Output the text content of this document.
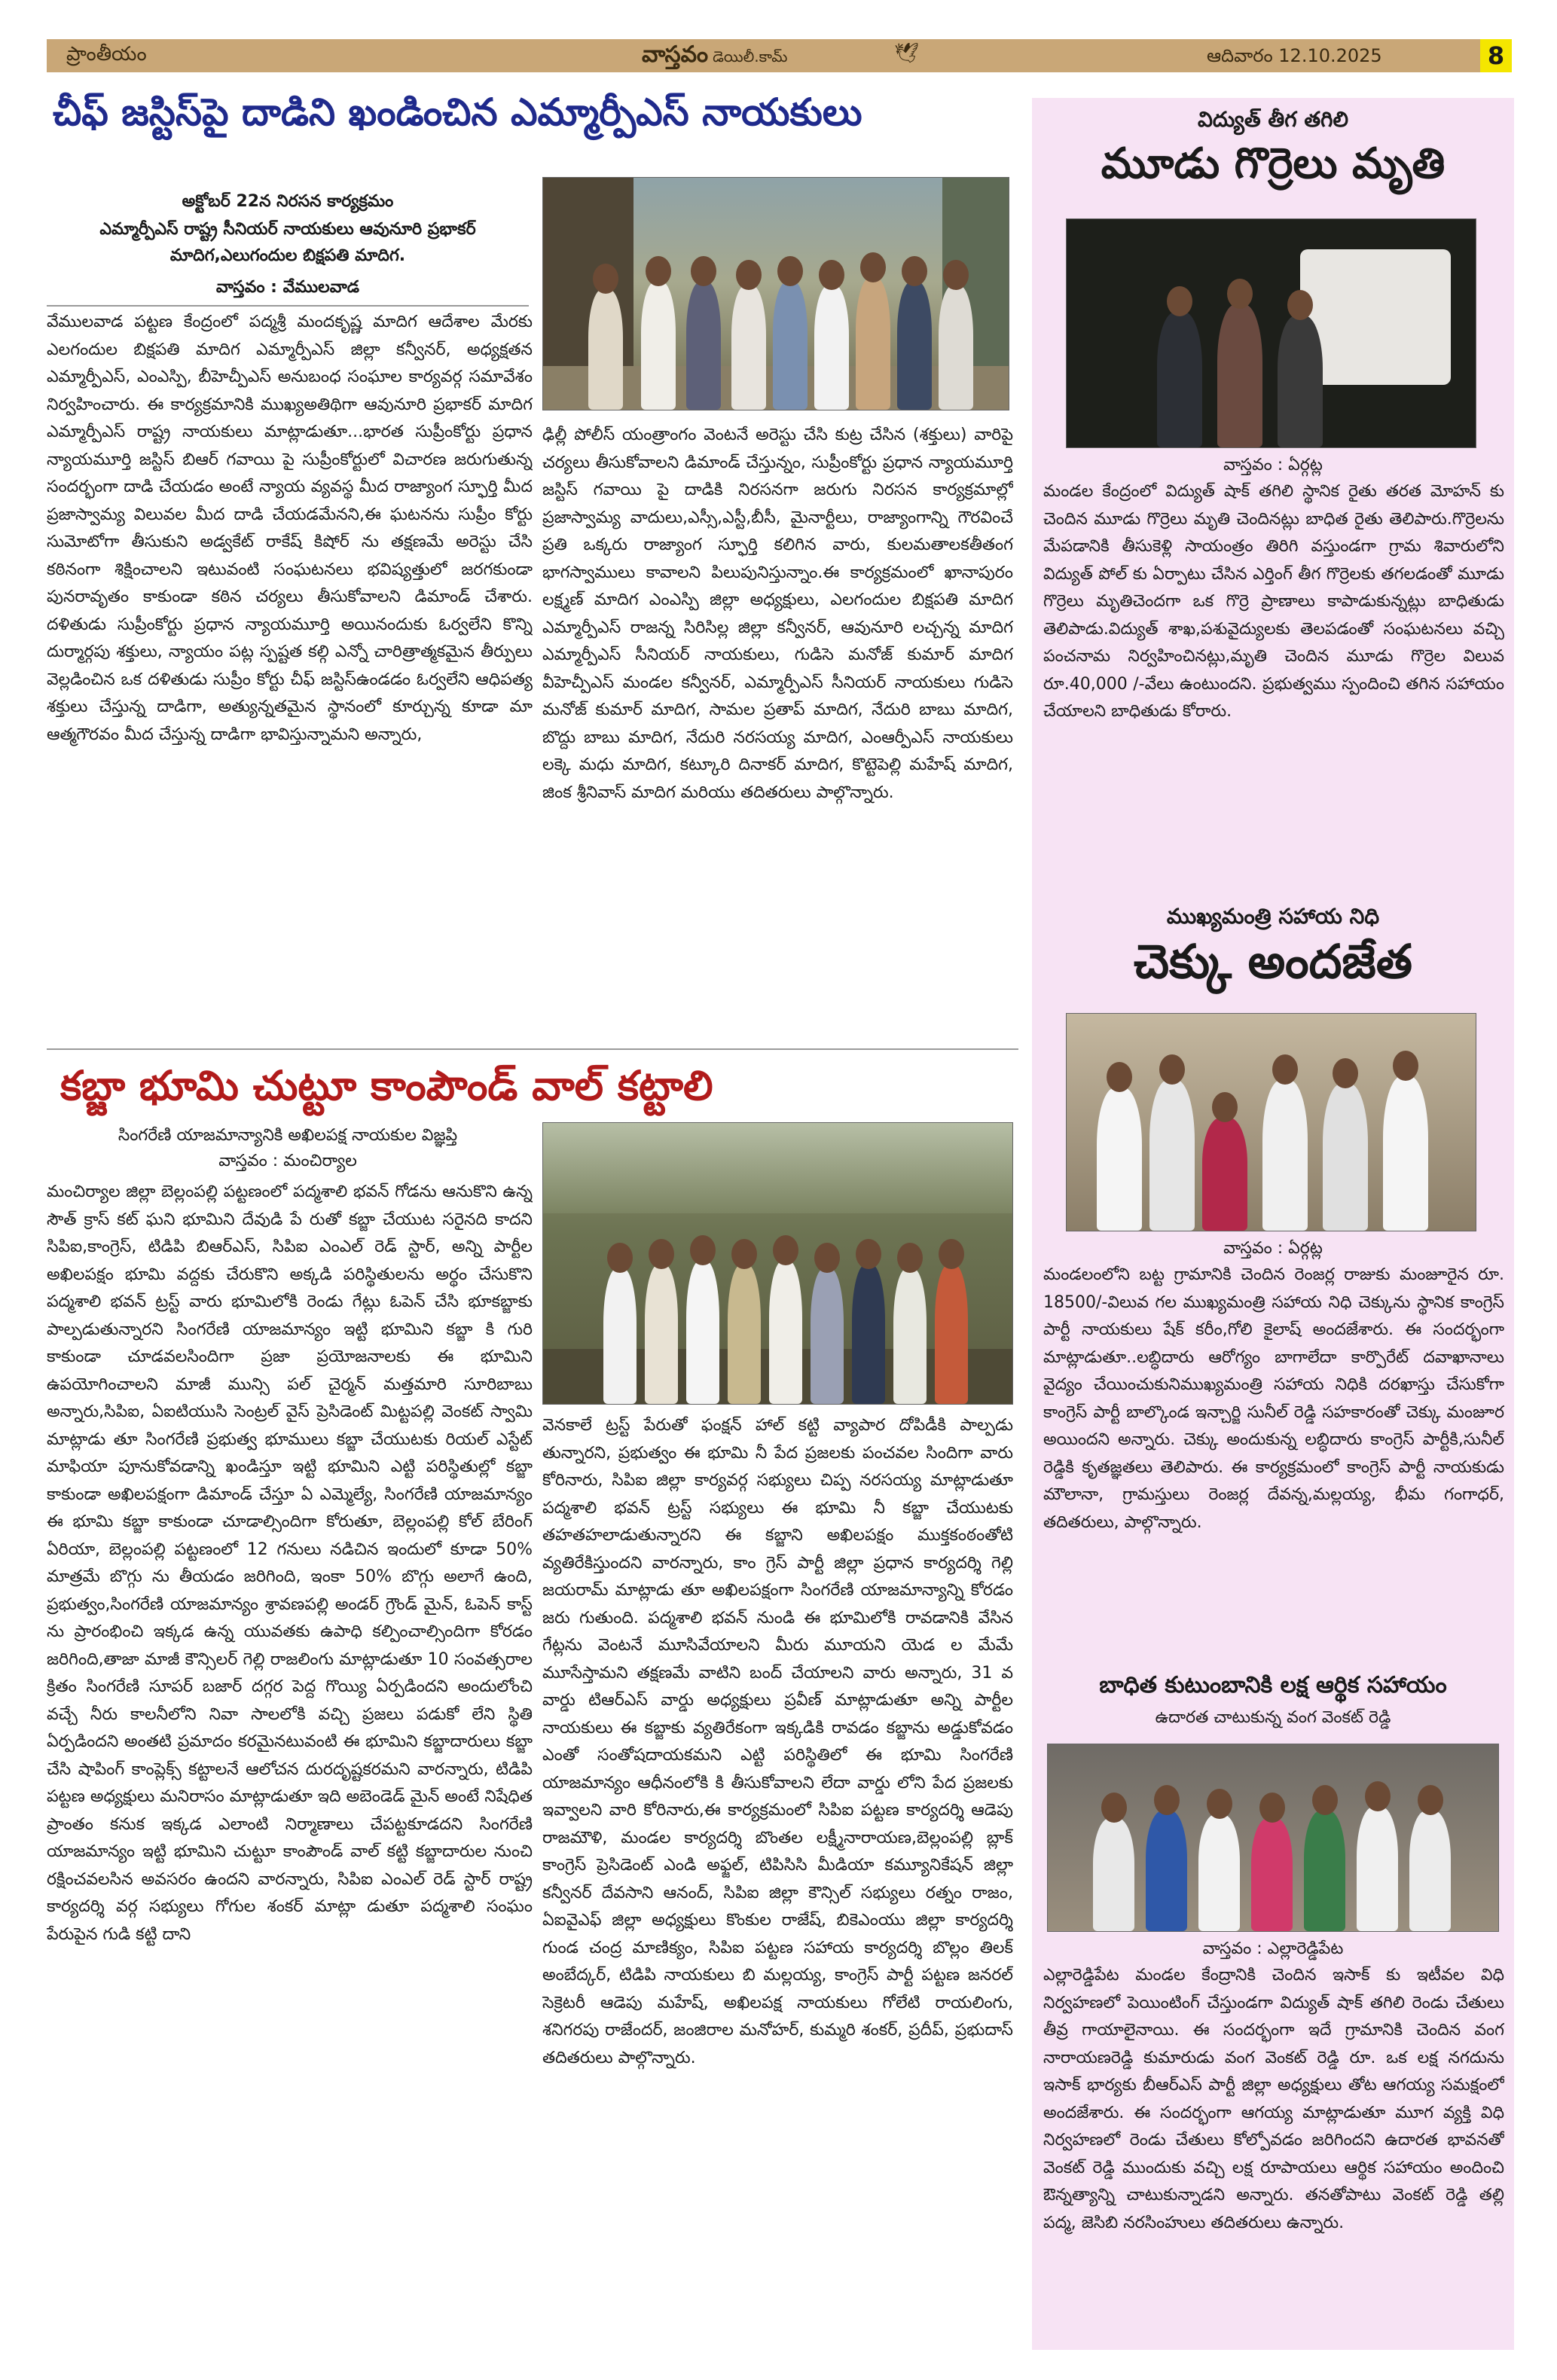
ప్రాంతీయం	వాస్తవం డెయిలీ.కామ్	🕊	ఆదివారం 12.10.2025	8
చీఫ్ జస్టిస్‌పై దాడిని ఖండించిన ఎమ్మార్పీఎస్ నాయకులు

అక్టోబర్ 22న నిరసన కార్యక్రమం

ఎమ్మార్పీఎస్ రాష్ట్ర సీనియర్ నాయకులు ఆవునూరి ప్రభాకర్

మాదిగ,ఎలుగందుల బిక్షపతి మాదిగ.

వాస్తవం : వేములవాడ

వేములవాడ పట్టణ కేంద్రంలో పద్మశ్రీ మందకృష్ణ మాదిగ ఆదేశాల మేరకు ఎలగందుల బిక్షపతి మాదిగ ఎమ్మార్పీఎస్ జిల్లా కన్వీనర్, అధ్యక్షతన ఎమ్మార్పీఎస్, ఎంఎస్పి, బీహెచ్పీఎస్ అనుబంధ సంఘాల కార్యవర్గ సమావేశం నిర్వహించారు. ఈ కార్యక్రమానికి ముఖ్యఅతిథిగా ఆవునూరి ప్రభాకర్ మాదిగ ఎమ్మార్పీఎస్ రాష్ట్ర నాయకులు మాట్లాడుతూ...భారత సుప్రీంకోర్టు ప్రధాన న్యాయమూర్తి జస్టిస్ బిఆర్ గవాయి పై సుప్రీంకోర్టులో విచారణ జరుగుతున్న సందర్భంగా దాడి చేయడం అంటే న్యాయ వ్యవస్థ మీద రాజ్యాంగ స్ఫూర్తి మీద ప్రజాస్వామ్య విలువల మీద దాడి చేయడమేనని,ఈ ఘటనను సుప్రీం కోర్టు సుమోటోగా తీసుకుని అడ్వకేట్ రాకేష్ కిషోర్ ను తక్షణమే అరెస్టు చేసి కఠినంగా శిక్షించాలని ఇటువంటి సంఘటనలు భవిష్యత్తులో జరగకుండా పునరావృతం కాకుండా కఠిన చర్యలు తీసుకోవాలని డిమాండ్ చేశారు. దళితుడు సుప్రీంకోర్టు ప్రధాన న్యాయమూర్తి అయినందుకు ఓర్వలేని కొన్ని దుర్మార్గపు శక్తులు, న్యాయం పట్ల స్పష్టత కల్గి ఎన్నో చారిత్రాత్మకమైన తీర్పులు వెల్లడించిన ఒక దళితుడు సుప్రీం కోర్టు చీఫ్ జస్టిస్‌ఉండడం ఓర్వలేని ఆధిపత్య శక్తులు చేస్తున్న దాడిగా, అత్యున్నతమైన స్థానంలో కూర్చున్న కూడా మా ఆత్మగౌరవం మీద చేస్తున్న దాడిగా భావిస్తున్నామని అన్నారు,

ఢిల్లీ పోలీస్ యంత్రాంగం వెంటనే అరెస్టు చేసి కుట్ర చేసిన (శక్తులు) వారిపై చర్యలు తీసుకోవాలని డిమాండ్ చేస్తున్నం, సుప్రీంకోర్టు ప్రధాన న్యాయమూర్తి జస్టిస్ గవాయి పై దాడికి నిరసనగా జరుగు నిరసన కార్యక్రమాల్లో ప్రజాస్వామ్య వాదులు,ఎస్సీ,ఎస్టీ,బీసీ, మైనార్టీలు, రాజ్యాంగాన్ని గౌరవించే ప్రతి ఒక్కరు రాజ్యాంగ స్ఫూర్తి కలిగిన వారు, కులమతాలకతీతంగ భాగస్వాములు కావాలని పిలుపునిస్తున్నాం.ఈ కార్యక్రమంలో ఖానాపురం లక్ష్మణ్ మాదిగ ఎంఎస్పి జిల్లా అధ్యక్షులు, ఎలగందుల బిక్షపతి మాదిగ ఎమ్మార్పీఎస్ రాజన్న సిరిసిల్ల జిల్లా కన్వీనర్, ఆవునూరి లచ్చన్న మాదిగ ఎమ్మార్పీఎస్ సీనియర్ నాయకులు, గుడిసె మనోజ్ కుమార్ మాదిగ వీహెచ్పీఎస్ మండల కన్వీనర్, ఎమ్మార్పీఎస్ సీనియర్ నాయకులు గుడిసె మనోజ్ కుమార్ మాదిగ, సామల ప్రతాప్ మాదిగ, నేదురి బాబు మాదిగ, బొద్దు బాబు మాదిగ, నేదురి నరసయ్య మాదిగ, ఎంఆర్పీఎస్ నాయకులు లక్కె మధు మాదిగ, కట్కూరి దినాకర్ మాదిగ, కొట్టెపెల్లి మహేష్ మాదిగ, జింక శ్రీనివాస్ మాదిగ మరియు తదితరులు పాల్గొన్నారు.

కబ్జా భూమి చుట్టూ కాంపౌండ్ వాల్ కట్టాలి

సింగరేణి యాజమాన్యానికి అఖిలపక్ష నాయకుల విజ్ఞప్తి

వాస్తవం : మంచిర్యాల

మంచిర్యాల జిల్లా బెల్లంపల్లి పట్టణంలో పద్మశాలి భవన్ గోడను ఆనుకొని ఉన్న సౌత్ క్రాస్ కట్ ఘని భూమిని దేవుడి పే రుతో కబ్జా చేయుట సరైనది కాదని సిపిఐ,కాంగ్రెస్, టిడిపి బిఆర్ఎస్, సిపిఐ ఎంఎల్ రెడ్ స్టార్, అన్ని పార్టీల అఖిలపక్షం భూమి వద్దకు చేరుకొని అక్కడి పరిస్థితులను అర్థం చేసుకొని పద్మశాలి భవన్ ట్రస్ట్ వారు భూమిలోకి రెండు గేట్లు ఓపెన్ చేసి భూకబ్జాకు పాల్పడుతున్నారని సింగరేణి యాజమాన్యం ఇట్టి భూమిని కబ్జా కి గురి కాకుండా చూడవలసిందిగా ప్రజా ప్రయోజనాలకు ఈ భూమిని ఉపయోగించాలని మాజీ మున్సి పల్ చైర్మన్ మత్తమారి సూరిబాబు అన్నారు,సిపిఐ, ఏఐటియుసి సెంట్రల్ వైస్ ప్రెసిడెంట్ మిట్టపల్లి వెంకట్ స్వామి మాట్లాడు తూ సింగరేణి ప్రభుత్వ భూములు కబ్జా చేయుటకు రియల్ ఎస్టేట్ మాఫియా పూనుకోవడాన్ని ఖండిస్తూ ఇట్టి భూమిని ఎట్టి పరిస్థితుల్లో కబ్జా కాకుండా అఖిలపక్షంగా డిమాండ్ చేస్తూ ఏ ఎమ్మెల్యే, సింగరేణి యాజమాన్యం ఈ భూమి కబ్జా కాకుండా చూడాల్సిందిగా కోరుతూ, బెల్లంపల్లి కోల్ బేరింగ్ ఏరియా, బెల్లంపల్లి పట్టణంలో 12 గనులు నడిచిన ఇందులో కూడా 50% మాత్రమే బొగ్గు ను తీయడం జరిగింది, ఇంకా 50% బొగ్గు అలాగే ఉంది, ప్రభుత్వం,సింగరేణి యాజమాన్యం శ్రావణపల్లి అండర్ గ్రౌండ్ మైన్, ఓపెన్ కాస్ట్ ను ప్రారంభించి ఇక్కడ ఉన్న యువతకు ఉపాధి కల్పించాల్సిందిగా కోరడం జరిగింది,తాజా మాజీ కౌన్సిలర్ గెల్లి రాజలింగు మాట్లాడుతూ 10 సంవత్సరాల క్రితం సింగరేణి సూపర్ బజార్ దగ్గర పెద్ద గొయ్యి ఏర్పడిందని అందులోంచి వచ్చే నీరు కాలనీలోని నివా సాలలోకి వచ్చి ప్రజలు పడుకో లేని స్థితి ఏర్పడిందని అంతటి ప్రమాదం కరమైనటువంటి ఈ భూమిని కబ్జాదారులు కబ్జా చేసి షాపింగ్ కాంప్లెక్స్ కట్టాలనే ఆలోచన దురదృష్టకరమని వారన్నారు, టిడిపి పట్టణ అధ్యక్షులు మనిరాసం మాట్లాడుతూ ఇది అబెండెడ్ మైన్ అంటే నిషేధిత ప్రాంతం కనుక ఇక్కడ ఎలాంటి నిర్మాణాలు చేపట్టకూడదని సింగరేణి యాజమాన్యం ఇట్టి భూమిని చుట్టూ కాంపౌండ్ వాల్ కట్టి కబ్జాదారుల నుంచి రక్షించవలసిన అవసరం ఉందని వారన్నారు, సిపిఐ ఎంఎల్ రెడ్ స్టార్ రాష్ట్ర కార్యదర్శి వర్గ సభ్యులు గోగుల శంకర్ మాట్లా డుతూ పద్మశాలి సంఘం పేరుపైన గుడి కట్టి దాని

వెనకాలే ట్రస్ట్ పేరుతో ఫంక్షన్ హాల్ కట్టి వ్యాపార దోపిడీకి పాల్పడు తున్నారని, ప్రభుత్వం ఈ భూమి నీ పేద ప్రజలకు పంచవల సిందిగా వారు కోరినారు, సిపిఐ జిల్లా కార్యవర్గ సభ్యులు చిప్ప నరసయ్య మాట్లాడుతూ పద్మశాలి భవన్ ట్రస్ట్ సభ్యులు ఈ భూమి నీ కబ్జా చేయుటకు తహతహలాడుతున్నారని ఈ కబ్జాని అఖిలపక్షం ముక్తకంఠంతోటి వ్యతిరేకిస్తుందని వారన్నారు, కాం గ్రెస్ పార్టీ జిల్లా ప్రధాన కార్యదర్శి గెల్లి జయరామ్ మాట్లాడు తూ అఖిలపక్షంగా సింగరేణి యాజమాన్యాన్ని కోరడం జరు గుతుంది. పద్మశాలి భవన్ నుండి ఈ భూమిలోకి రావడానికి వేసిన గేట్లను వెంటనే మూసివేయాలని మీరు మూయని యెడ ల మేమే మూసేస్తామని తక్షణమే వాటిని బంద్ చేయాలని వారు అన్నారు, 31 వ వార్డు టిఆర్ఎస్ వార్డు అధ్యక్షులు ప్రవీణ్ మాట్లాడుతూ అన్ని పార్టీల నాయకులు ఈ కబ్జాకు వ్యతిరేకంగా ఇక్కడికి రావడం కబ్జాను అడ్డుకోవడం ఎంతో సంతోషదాయకమని ఎట్టి పరిస్థితిలో ఈ భూమి సింగరేణి యాజమాన్యం ఆధీనంలోకి కి తీసుకోవాలని లేదా వార్డు లోని పేద ప్రజలకు ఇవ్వాలని వారి కోరినారు,ఈ కార్యక్రమంలో సిపిఐ పట్టణ కార్యదర్శి ఆడెపు రాజమౌళి, మండల కార్యదర్శి బొంతల లక్ష్మీనారాయణ,బెల్లంపల్లి బ్లాక్ కాంగ్రెస్ ప్రెసిడెంట్ ఎండి అఫ్జల్, టిపిసిసి మీడియా కమ్యూనికేషన్ జిల్లా కన్వీనర్ దేవసాని ఆనంద్, సిపిఐ జిల్లా కౌన్సిల్ సభ్యులు రత్నం రాజం, ఏఐవైఎఫ్ జిల్లా అధ్యక్షులు కొంకుల రాజేష్, బికెఎంయు జిల్లా కార్యదర్శి గుండ చంద్ర మాణిక్యం, సిపిఐ పట్టణ సహాయ కార్యదర్శి బొల్లం తిలక్ అంబేద్కర్, టిడిపి నాయకులు బి మల్లయ్య, కాంగ్రెస్ పార్టీ పట్టణ జనరల్ సెక్రెటరీ ఆడెపు మహేష్, అఖిలపక్ష నాయకులు గోలేటి రాయలింగు, శనిగరపు రాజేందర్, జంజిరాల మనోహర్, కుమ్మరి శంకర్, ప్రదీప్, ప్రభుదాస్ తదితరులు పాల్గొన్నారు.

విద్యుత్ తీగ తగిలి
మూడు గొర్రెలు మృతి

వాస్తవం : ఏర్గట్ల

మండల కేంద్రంలో విద్యుత్ షాక్ తగిలి స్థానిక రైతు తరత మోహన్ కు చెందిన మూడు గొర్రెలు మృతి చెందినట్లు బాధిత రైతు తెలిపారు.గొర్రెలను మేపడానికి తీసుకెళ్లి సాయంత్రం తిరిగి వస్తుండగా గ్రామ శివారులోని విద్యుత్ పోల్ కు ఏర్పాటు చేసిన ఎర్తింగ్ తీగ గొర్రెలకు తగలడంతో మూడు గొర్రెలు మృతిచెందగా ఒక గొర్రె ప్రాణాలు కాపాడుకున్నట్లు బాధితుడు తెలిపాడు.విద్యుత్ శాఖ,పశువైద్యులకు తెలపడంతో సంఘటనలు వచ్చి పంచనామ నిర్వహించినట్లు,మృతి చెందిన మూడు గొర్రెల విలువ రూ.40,000 /-వేలు ఉంటుందని. ప్రభుత్వము స్పందించి తగిన సహాయం చేయాలని బాధితుడు కోరారు.

ముఖ్యమంత్రి సహాయ నిధి
చెక్కు అందజేత

వాస్తవం : ఏర్గట్ల

మండలంలోని బట్ట గ్రామానికి చెందిన రెంజర్ల రాజుకు మంజూరైన రూ. 18500/-విలువ గల ముఖ్యమంత్రి సహాయ నిధి చెక్కును స్థానిక కాంగ్రెస్ పార్టీ నాయకులు షేక్ కరీం,గోలి కైలాష్ అందజేశారు. ఈ సందర్భంగా మాట్లాడుతూ..లబ్ధిదారు ఆరోగ్యం బాగాలేదా కార్పొరేట్ దవాఖానాలు వైద్యం చేయించుకునిముఖ్యమంత్రి సహాయ నిధికి దరఖాస్తు చేసుకోగా కాంగ్రెస్ పార్టీ బాల్కొండ ఇన్చార్జి సునీల్ రెడ్డి సహకారంతో చెక్కు మంజూర అయిందని అన్నారు. చెక్కు అందుకున్న లబ్ధిదారు కాంగ్రెస్ పార్టీకి,సునీల్ రెడ్డికి కృతజ్ఞతలు తెలిపారు. ఈ కార్యక్రమంలో కాంగ్రెస్ పార్టీ నాయకుడు మౌలానా, గ్రామస్తులు రెంజర్ల దేవన్న,మల్లయ్య, భీమ గంగాధర్, తదితరులు, పాల్గొన్నారు.

బాధిత కుటుంబానికి లక్ష ఆర్థిక సహాయం
ఉదారత చాటుకున్న వంగ వెంకట్ రెడ్డి

వాస్తవం : ఎల్లారెడ్డిపేట

ఎల్లారెడ్డిపేట మండల కేంద్రానికి చెందిన ఇసాక్ కు ఇటీవల విధి నిర్వహణలో పెయింటింగ్ చేస్తుండగా విద్యుత్ షాక్ తగిలి రెండు చేతులు తీవ్ర గాయాలైనాయి. ఈ సందర్భంగా ఇదే గ్రామానికి చెందిన వంగ నారాయణరెడ్డి కుమారుడు వంగ వెంకట్ రెడ్డి రూ. ఒక లక్ష నగదును ఇసాక్ భార్యకు బీఆర్ఎస్ పార్టీ జిల్లా అధ్యక్షులు తోట ఆగయ్య సమక్షంలో అందజేశారు. ఈ సందర్భంగా ఆగయ్య మాట్లాడుతూ మూగ వ్యక్తి విధి నిర్వహణలో రెండు చేతులు కోల్పోవడం జరిగిందని ఉదారత భావనతో వెంకట్ రెడ్డి ముందుకు వచ్చి లక్ష రూపాయలు ఆర్థిక సహాయం అందించి ఔన్నత్యాన్ని చాటుకున్నాడని అన్నారు. తనతోపాటు వెంకట్ రెడ్డి తల్లి పద్మ, జెసిబి నరసింహులు తదితరులు ఉన్నారు.
